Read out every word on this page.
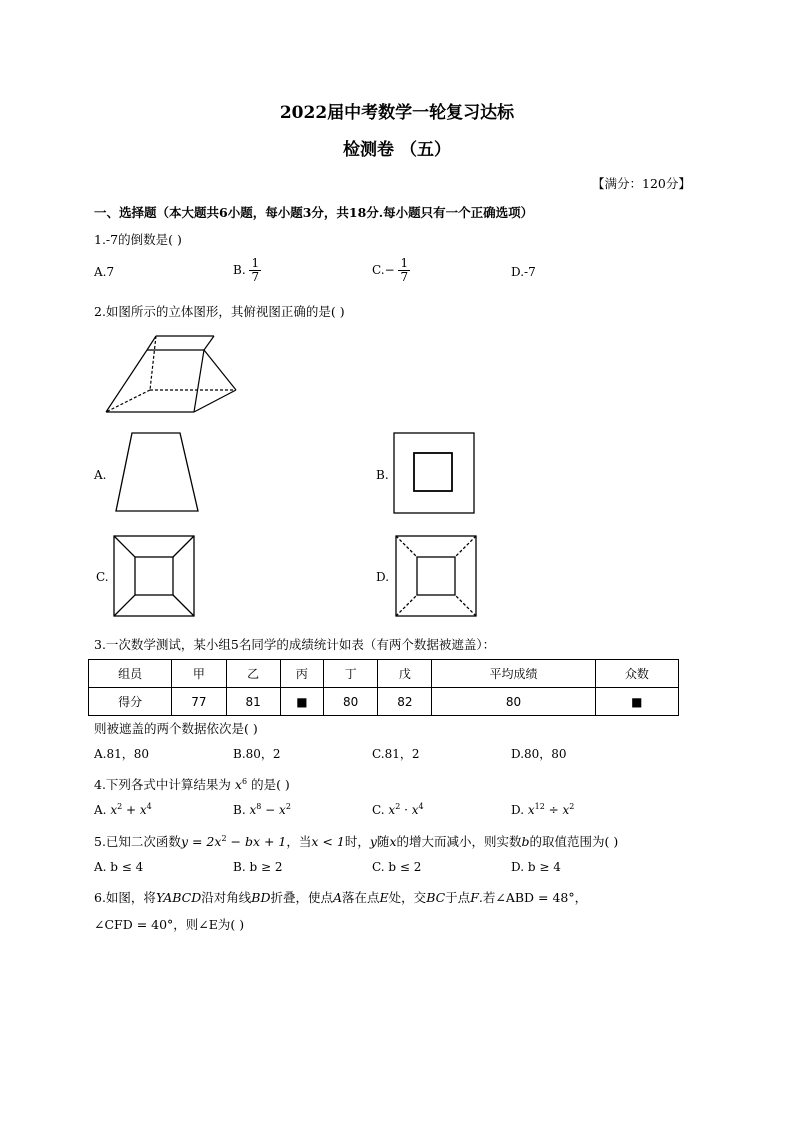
2022届中考数学一轮复习达标
检测卷 （五）
【满分：120分】
一、选择题（本大题共6小题，每小题3分，共18分.每小题只有一个正确选项）
1.-7的倒数是( )
A.7	B. $\frac{1}{7}$	$C.- \frac{1}{7}$	D.-7
2.如图所示的立体图形，其俯视图正确的是( )
A.	B.
C.	D.
3.一次数学测试，某小组5名同学的成绩统计如表（有两个数据被遮盖）：
组员	甲	乙	丙	丁	戊	平均成绩	众数
得分	77	81	■	80	82	80	■
则被遮盖的两个数据依次是( )
A.81，80	B.80，2	C.81，2	D.80，80
4.下列各式中计算结果为 $x^6$ 的是( )
A. $x^2 + x^4$	B. $x^8 - x^2$	C. $x^2 \cdot x^4$	D. $x^{12} \div x^2$
5.已知二次函数$y = 2x^2$ − bx + 1，当x < 1时，y随x的增大而减小，则实数b的取值范围为( )
A. b ≤ 4	B. b ≥ 2	C. b ≤ 2	D. b ≥ 4
6.如图，将YABCD沿对角线BD折叠，使点A落在点E处，交BC于点F.若∠ABD = 48°，
∠CFD = 40°，则∠E为( )
